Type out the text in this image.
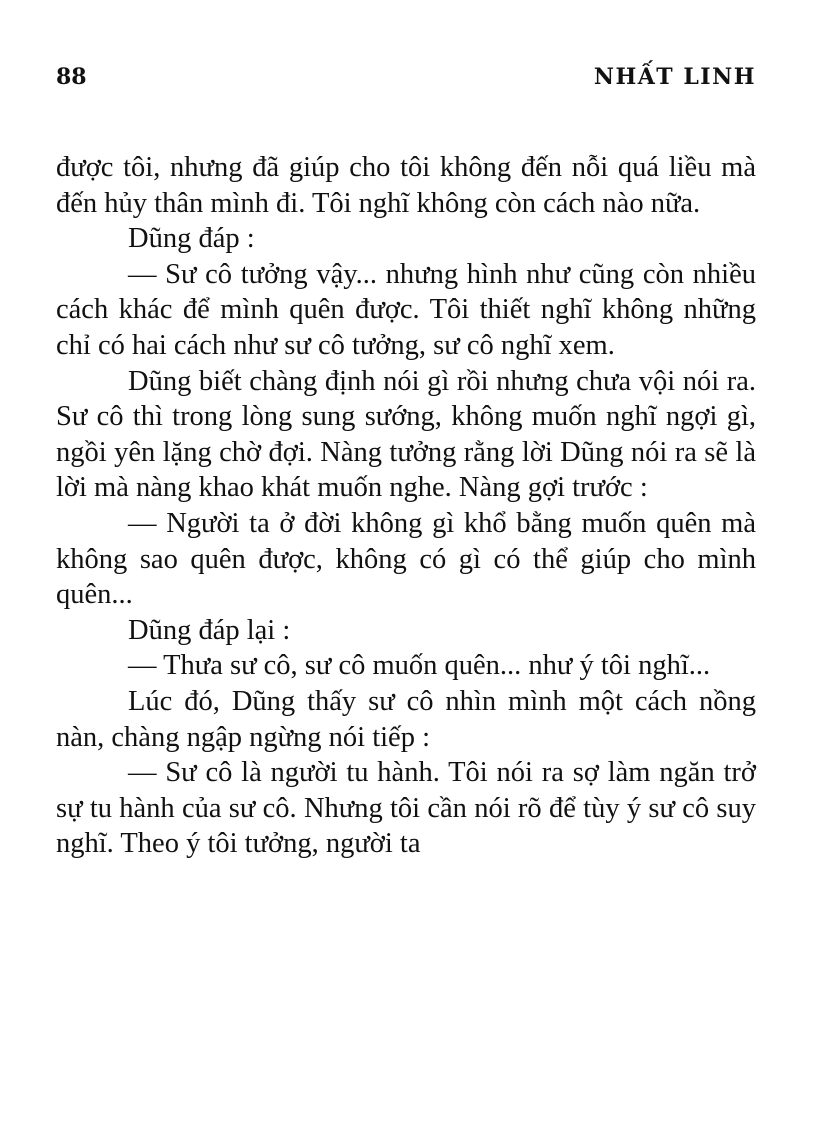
88	NHẤT LINH

được tôi, nhưng đã giúp cho tôi không đến nỗi quá liều mà đến hủy thân mình đi. Tôi nghĩ không còn cách nào nữa.

Dũng đáp :

— Sư cô tưởng vậy... nhưng hình như cũng còn nhiều cách khác để mình quên được. Tôi thiết nghĩ không những chỉ có hai cách như sư cô tưởng, sư cô nghĩ xem.

Dũng biết chàng định nói gì rồi nhưng chưa vội nói ra. Sư cô thì trong lòng sung sướng, không muốn nghĩ ngợi gì, ngồi yên lặng chờ đợi. Nàng tưởng rằng lời Dũng nói ra sẽ là lời mà nàng khao khát muốn nghe. Nàng gợi trước :

— Người ta ở đời không gì khổ bằng muốn quên mà không sao quên được, không có gì có thể giúp cho mình quên...

Dũng đáp lại :

— Thưa sư cô, sư cô muốn quên... như ý tôi nghĩ...

Lúc đó, Dũng thấy sư cô nhìn mình một cách nồng nàn, chàng ngập ngừng nói tiếp :

— Sư cô là người tu hành. Tôi nói ra sợ làm ngăn trở sự tu hành của sư cô. Nhưng tôi cần nói rõ để tùy ý sư cô suy nghĩ. Theo ý tôi tưởng, người ta
